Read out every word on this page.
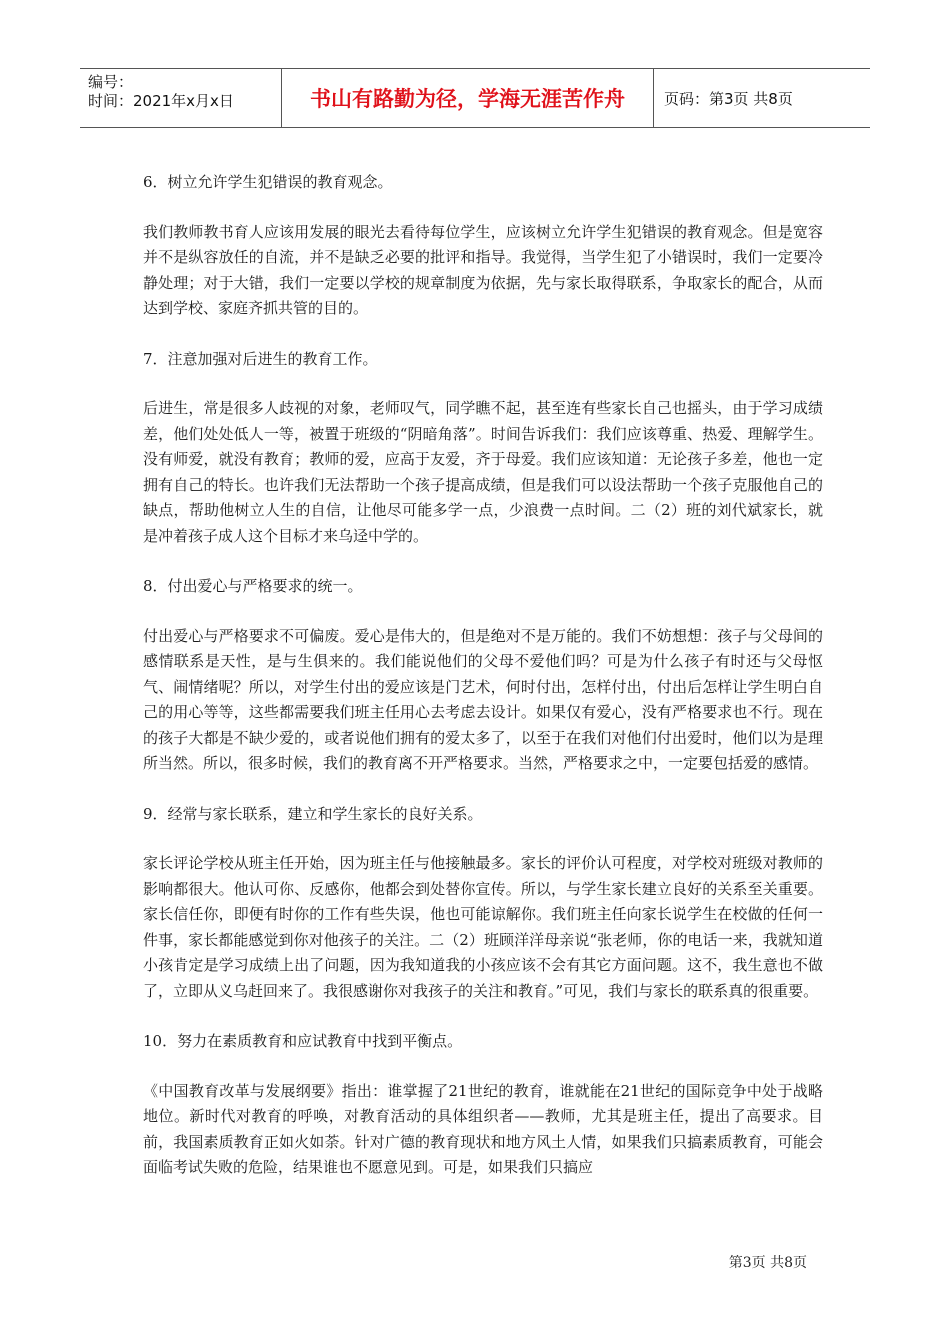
编号：
时间：2021年x月x日	书山有路勤为径，学海无涯苦作舟	页码：第3页 共8页

6．树立允许学生犯错误的教育观念。

我们教师教书育人应该用发展的眼光去看待每位学生，应该树立允许学生犯错误的教育观念。但是宽容并不是纵容放任的自流，并不是缺乏必要的批评和指导。我觉得，当学生犯了小错误时，我们一定要冷静处理；对于大错，我们一定要以学校的规章制度为依据，先与家长取得联系，争取家长的配合，从而达到学校、家庭齐抓共管的目的。

7．注意加强对后进生的教育工作。

后进生，常是很多人歧视的对象，老师叹气，同学瞧不起，甚至连有些家长自己也摇头，由于学习成绩差，他们处处低人一等，被置于班级的“阴暗角落”。时间告诉我们：我们应该尊重、热爱、理解学生。没有师爱，就没有教育；教师的爱，应高于友爱，齐于母爱。我们应该知道：无论孩子多差，他也一定拥有自己的特长。也许我们无法帮助一个孩子提高成绩，但是我们可以设法帮助一个孩子克服他自己的缺点，帮助他树立人生的自信，让他尽可能多学一点，少浪费一点时间。二（2）班的刘代斌家长，就是冲着孩子成人这个目标才来乌迳中学的。

8．付出爱心与严格要求的统一。

付出爱心与严格要求不可偏废。爱心是伟大的，但是绝对不是万能的。我们不妨想想：孩子与父母间的感情联系是天性，是与生俱来的。我们能说他们的父母不爱他们吗？可是为什么孩子有时还与父母怄气、闹情绪呢？所以，对学生付出的爱应该是门艺术，何时付出，怎样付出，付出后怎样让学生明白自己的用心等等，这些都需要我们班主任用心去考虑去设计。如果仅有爱心，没有严格要求也不行。现在的孩子大都是不缺少爱的，或者说他们拥有的爱太多了，以至于在我们对他们付出爱时，他们以为是理所当然。所以，很多时候，我们的教育离不开严格要求。当然，严格要求之中，一定要包括爱的感情。

9．经常与家长联系，建立和学生家长的良好关系。

家长评论学校从班主任开始，因为班主任与他接触最多。家长的评价认可程度，对学校对班级对教师的影响都很大。他认可你、反感你，他都会到处替你宣传。所以，与学生家长建立良好的关系至关重要。家长信任你，即便有时你的工作有些失误，他也可能谅解你。我们班主任向家长说学生在校做的任何一件事，家长都能感觉到你对他孩子的关注。二（2）班顾洋洋母亲说“张老师，你的电话一来，我就知道小孩肯定是学习成绩上出了问题，因为我知道我的小孩应该不会有其它方面问题。这不，我生意也不做了，立即从义乌赶回来了。我很感谢你对我孩子的关注和教育。”可见，我们与家长的联系真的很重要。

10．努力在素质教育和应试教育中找到平衡点。

《中国教育改革与发展纲要》指出：谁掌握了21世纪的教育，谁就能在21世纪的国际竞争中处于战略地位。新时代对教育的呼唤，对教育活动的具体组织者——教师，尤其是班主任，提出了高要求。目前，我国素质教育正如火如荼。针对广德的教育现状和地方风土人情，如果我们只搞素质教育，可能会面临考试失败的危险，结果谁也不愿意见到。可是，如果我们只搞应

第3页 共8页
